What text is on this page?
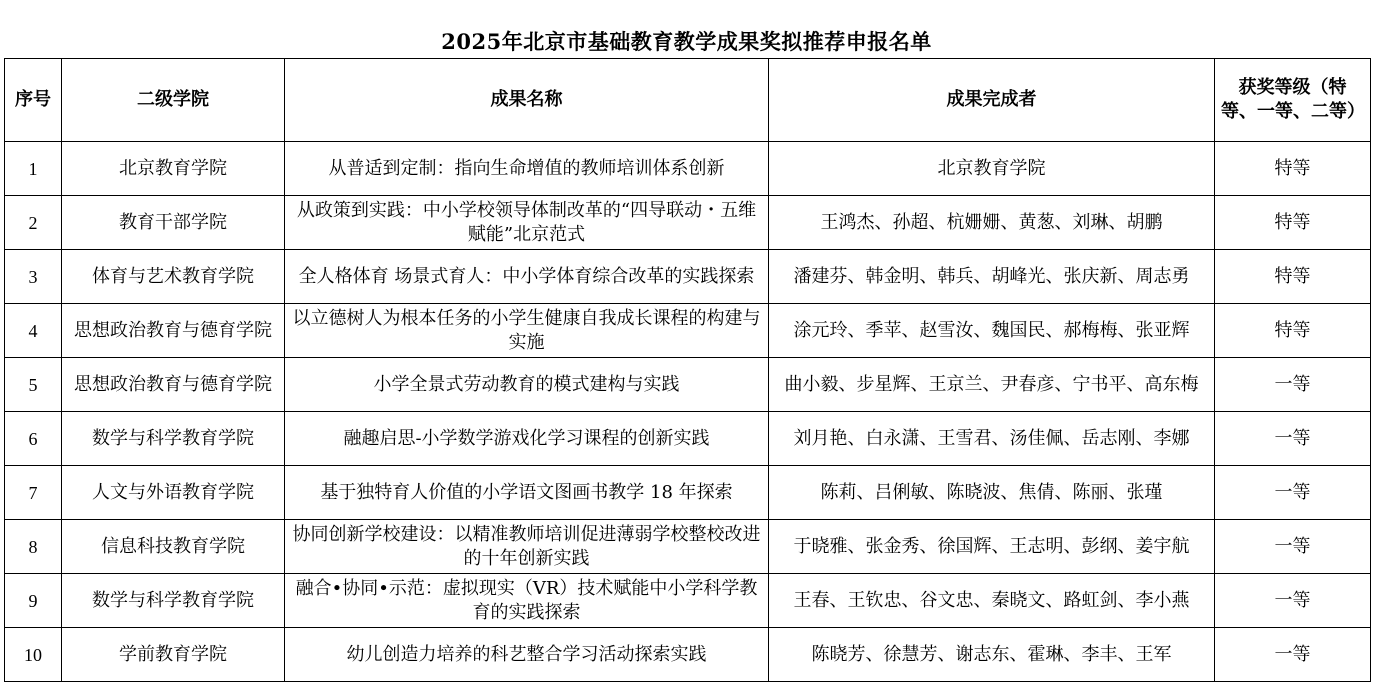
2025年北京市基础教育教学成果奖拟推荐申报名单
序号	二级学院	成果名称	成果完成者	获奖等级（特等、一等、二等）
1	北京教育学院	从普适到定制：指向生命增值的教师培训体系创新	北京教育学院	特等
2	教育干部学院	从政策到实践：中小学校领导体制改革的“四导联动・五维赋能”北京范式	王鸿杰、孙超、杭姗姗、黄葱、刘琳、胡鹏	特等
3	体育与艺术教育学院	全人格体育 场景式育人：中小学体育综合改革的实践探索	潘建芬、韩金明、韩兵、胡峰光、张庆新、周志勇	特等
4	思想政治教育与德育学院	以立德树人为根本任务的小学生健康自我成长课程的构建与实施	涂元玲、季苹、赵雪汝、魏国民、郝梅梅、张亚辉	特等
5	思想政治教育与德育学院	小学全景式劳动教育的模式建构与实践	曲小毅、步星辉、王京兰、尹春彦、宁书平、高东梅	一等
6	数学与科学教育学院	融趣启思-小学数学游戏化学习课程的创新实践	刘月艳、白永潇、王雪君、汤佳佩、岳志刚、李娜	一等
7	人文与外语教育学院	基于独特育人价值的小学语文图画书教学 18 年探索	陈莉、吕俐敏、陈晓波、焦倩、陈丽、张瑾	一等
8	信息科技教育学院	协同创新学校建设：以精准教师培训促进薄弱学校整校改进的十年创新实践	于晓雅、张金秀、徐国辉、王志明、彭纲、姜宇航	一等
9	数学与科学教育学院	融合•协同•示范：虚拟现实（VR）技术赋能中小学科学教育的实践探索	王春、王钦忠、谷文忠、秦晓文、路虹剑、李小燕	一等
10	学前教育学院	幼儿创造力培养的科艺整合学习活动探索实践	陈晓芳、徐慧芳、谢志东、霍琳、李丰、王军	一等
